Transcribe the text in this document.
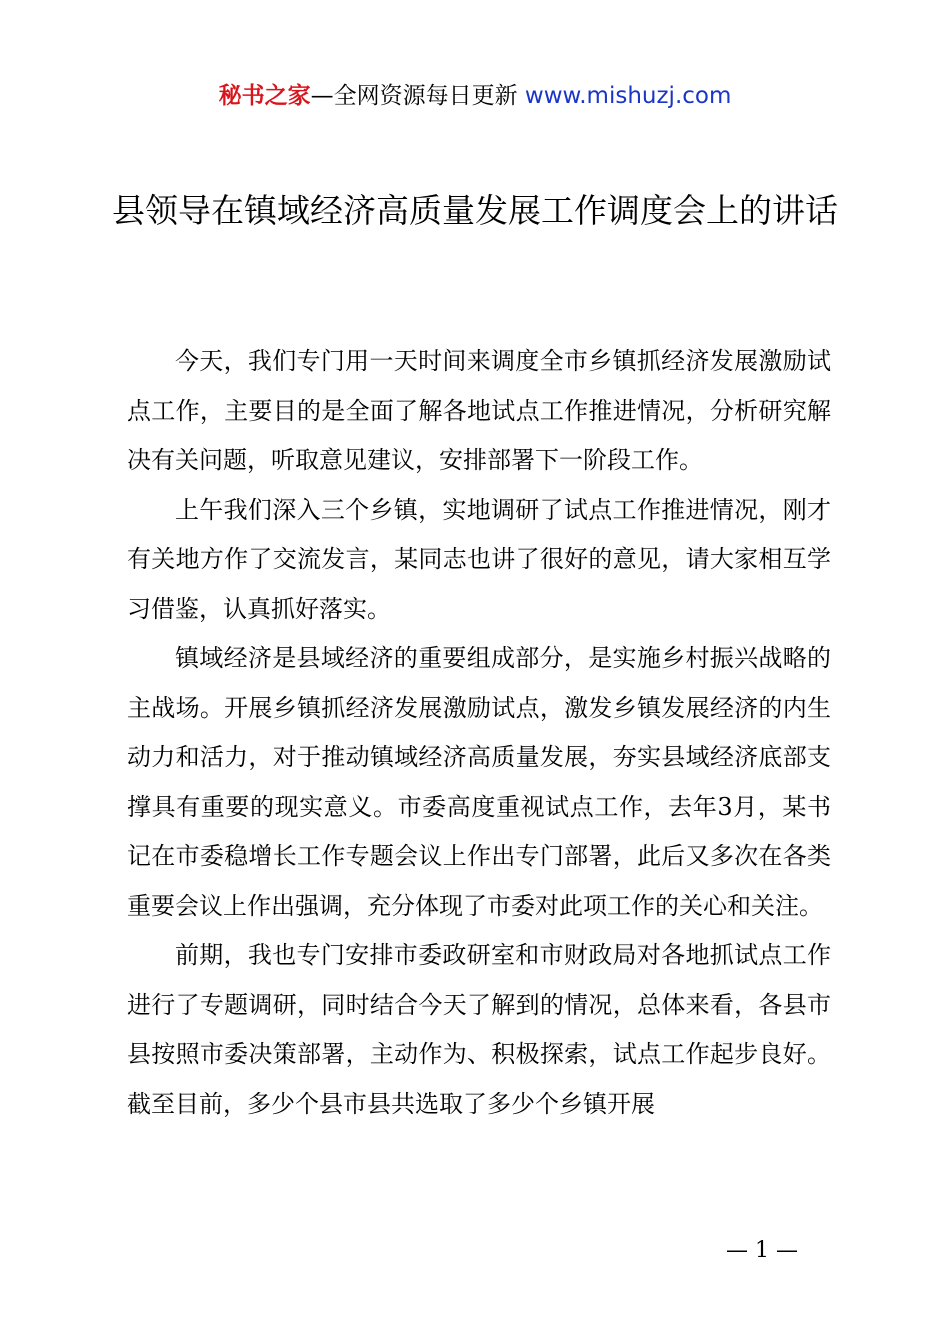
秘书之家—全网资源每日更新 www.mishuzj.com
县领导在镇域经济高质量发展工作调度会上的讲话

今天，我们专门用一天时间来调度全市乡镇抓经济发展激励试点工作，主要目的是全面了解各地试点工作推进情况，分析研究解决有关问题，听取意见建议，安排部署下一阶段工作。

上午我们深入三个乡镇，实地调研了试点工作推进情况，刚才有关地方作了交流发言，某同志也讲了很好的意见，请大家相互学习借鉴，认真抓好落实。

镇域经济是县域经济的重要组成部分，是实施乡村振兴战略的主战场。开展乡镇抓经济发展激励试点，激发乡镇发展经济的内生动力和活力，对于推动镇域经济高质量发展，夯实县域经济底部支撑具有重要的现实意义。市委高度重视试点工作，去年3月，某书记在市委稳增长工作专题会议上作出专门部署，此后又多次在各类重要会议上作出强调，充分体现了市委对此项工作的关心和关注。

前期，我也专门安排市委政研室和市财政局对各地抓试点工作进行了专题调研，同时结合今天了解到的情况，总体来看，各县市县按照市委决策部署，主动作为、积极探索，试点工作起步良好。截至目前，多少个县市县共选取了多少个乡镇开展

— 1 —
